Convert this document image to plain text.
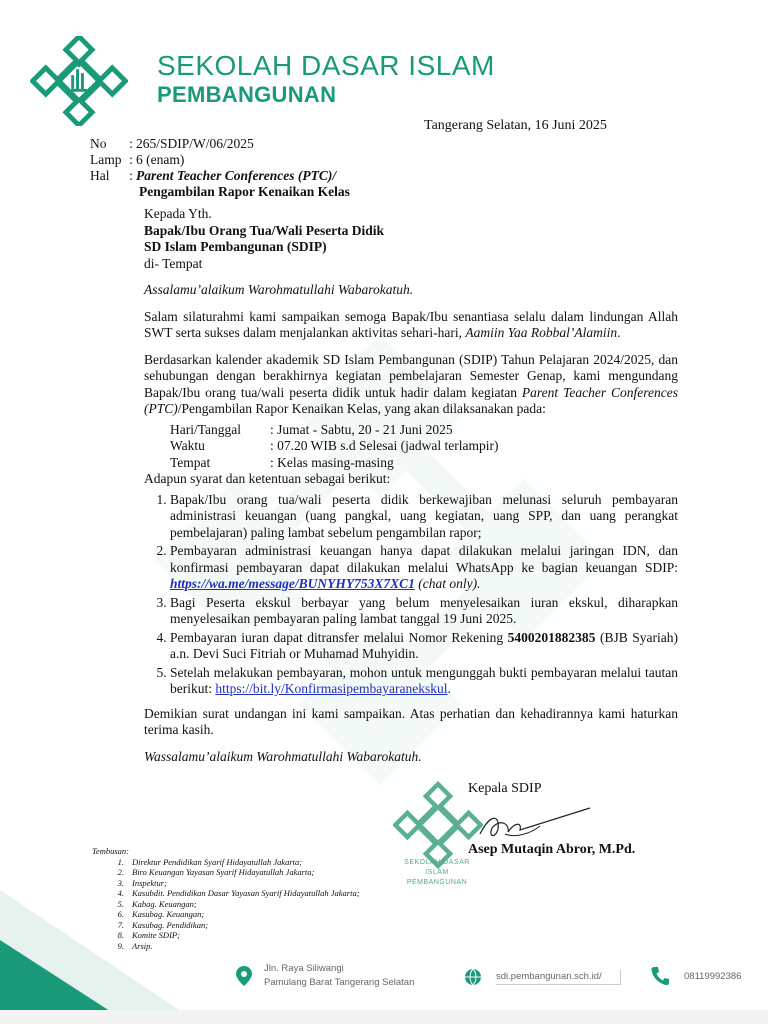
SEKOLAH DASAR ISLAM
PEMBANGUNAN
Tangerang Selatan, 16 Juni 2025
No	: 265/SDIP/W/06/2025
Lamp : 6 (enam)
Hal	: Parent Teacher Conferences (PTC)/
Pengambilan Rapor Kenaikan Kelas

Kepada Yth.

Bapak/Ibu Orang Tua/Wali Peserta Didik

SD Islam Pembangunan (SDIP)

di- Tempat

Assalamu’alaikum Warohmatullahi Wabarokatuh.

Salam silaturahmi kami sampaikan semoga Bapak/Ibu senantiasa selalu dalam lindungan Allah SWT serta sukses dalam menjalankan aktivitas sehari-hari, Aamiin Yaa Robbal’Alamiin.

Berdasarkan kalender akademik SD Islam Pembangunan (SDIP) Tahun Pelajaran 2024/2025, dan sehubungan dengan berakhirnya kegiatan pembelajaran Semester Genap, kami mengundang Bapak/Ibu orang tua/wali peserta didik untuk hadir dalam kegiatan Parent Teacher Conferences (PTC)/Pengambilan Rapor Kenaikan Kelas, yang akan dilaksanakan pada:

Hari/Tanggal	: Jumat - Sabtu, 20 - 21 Juni 2025
Waktu	: 07.20 WIB s.d Selesai (jadwal terlampir)
Tempat	: Kelas masing-masing

Adapun syarat dan ketentuan sebagai berikut:

1. Bapak/Ibu orang tua/wali peserta didik berkewajiban melunasi seluruh pembayaran administrasi keuangan (uang pangkal, uang kegiatan, uang SPP, dan uang perangkat pembelajaran) paling lambat sebelum pengambilan rapor;
2. Pembayaran administrasi keuangan hanya dapat dilakukan melalui jaringan IDN, dan konfirmasi pembayaran dapat dilakukan melalui WhatsApp ke bagian keuangan SDIP: https://wa.me/message/BUNYHY753X7XC1 (chat only).
3. Bagi Peserta ekskul berbayar yang belum menyelesaikan iuran ekskul, diharapkan menyelesaikan pembayaran paling lambat tanggal 19 Juni 2025.
4. Pembayaran iuran dapat ditransfer melalui Nomor Rekening 5400201882385 (BJB Syariah) a.n. Devi Suci Fitriah or Muhamad Muhyidin.
5. Setelah melakukan pembayaran, mohon untuk mengunggah bukti pembayaran melalui tautan berikut: https://bit.ly/Konfirmasipembayaranekskul.

Demikian surat undangan ini kami sampaikan. Atas perhatian dan kehadirannya kami haturkan terima kasih.

Wassalamu’alaikum Warohmatullahi Wabarokatuh.

SEKOLAH DASAR ISLAM
PEMBANGUNAN
Kepala SDIP
Asep Mutaqin Abror, M.Pd.
Tembusan:
1. Direktur Pendidikan Syarif Hidayatullah Jakarta;
2. Biro Keuangan Yayasan Syarif Hidayatullah Jakarta;
3. Inspektur;
4. Kasubdit. Pendidikan Dasar Yayasan Syarif Hidayatullah Jakarta;
5. Kabag. Keuangan;
6. Kasubag. Keuangan;
7. Kasubag. Pendidikan;
8. Komite SDIP;
9. Arsip.
Jln. Raya Siliwangi
Pamulang Barat Tangerang Selatan
sdi.pembangunan.sch.id/	08119992386
